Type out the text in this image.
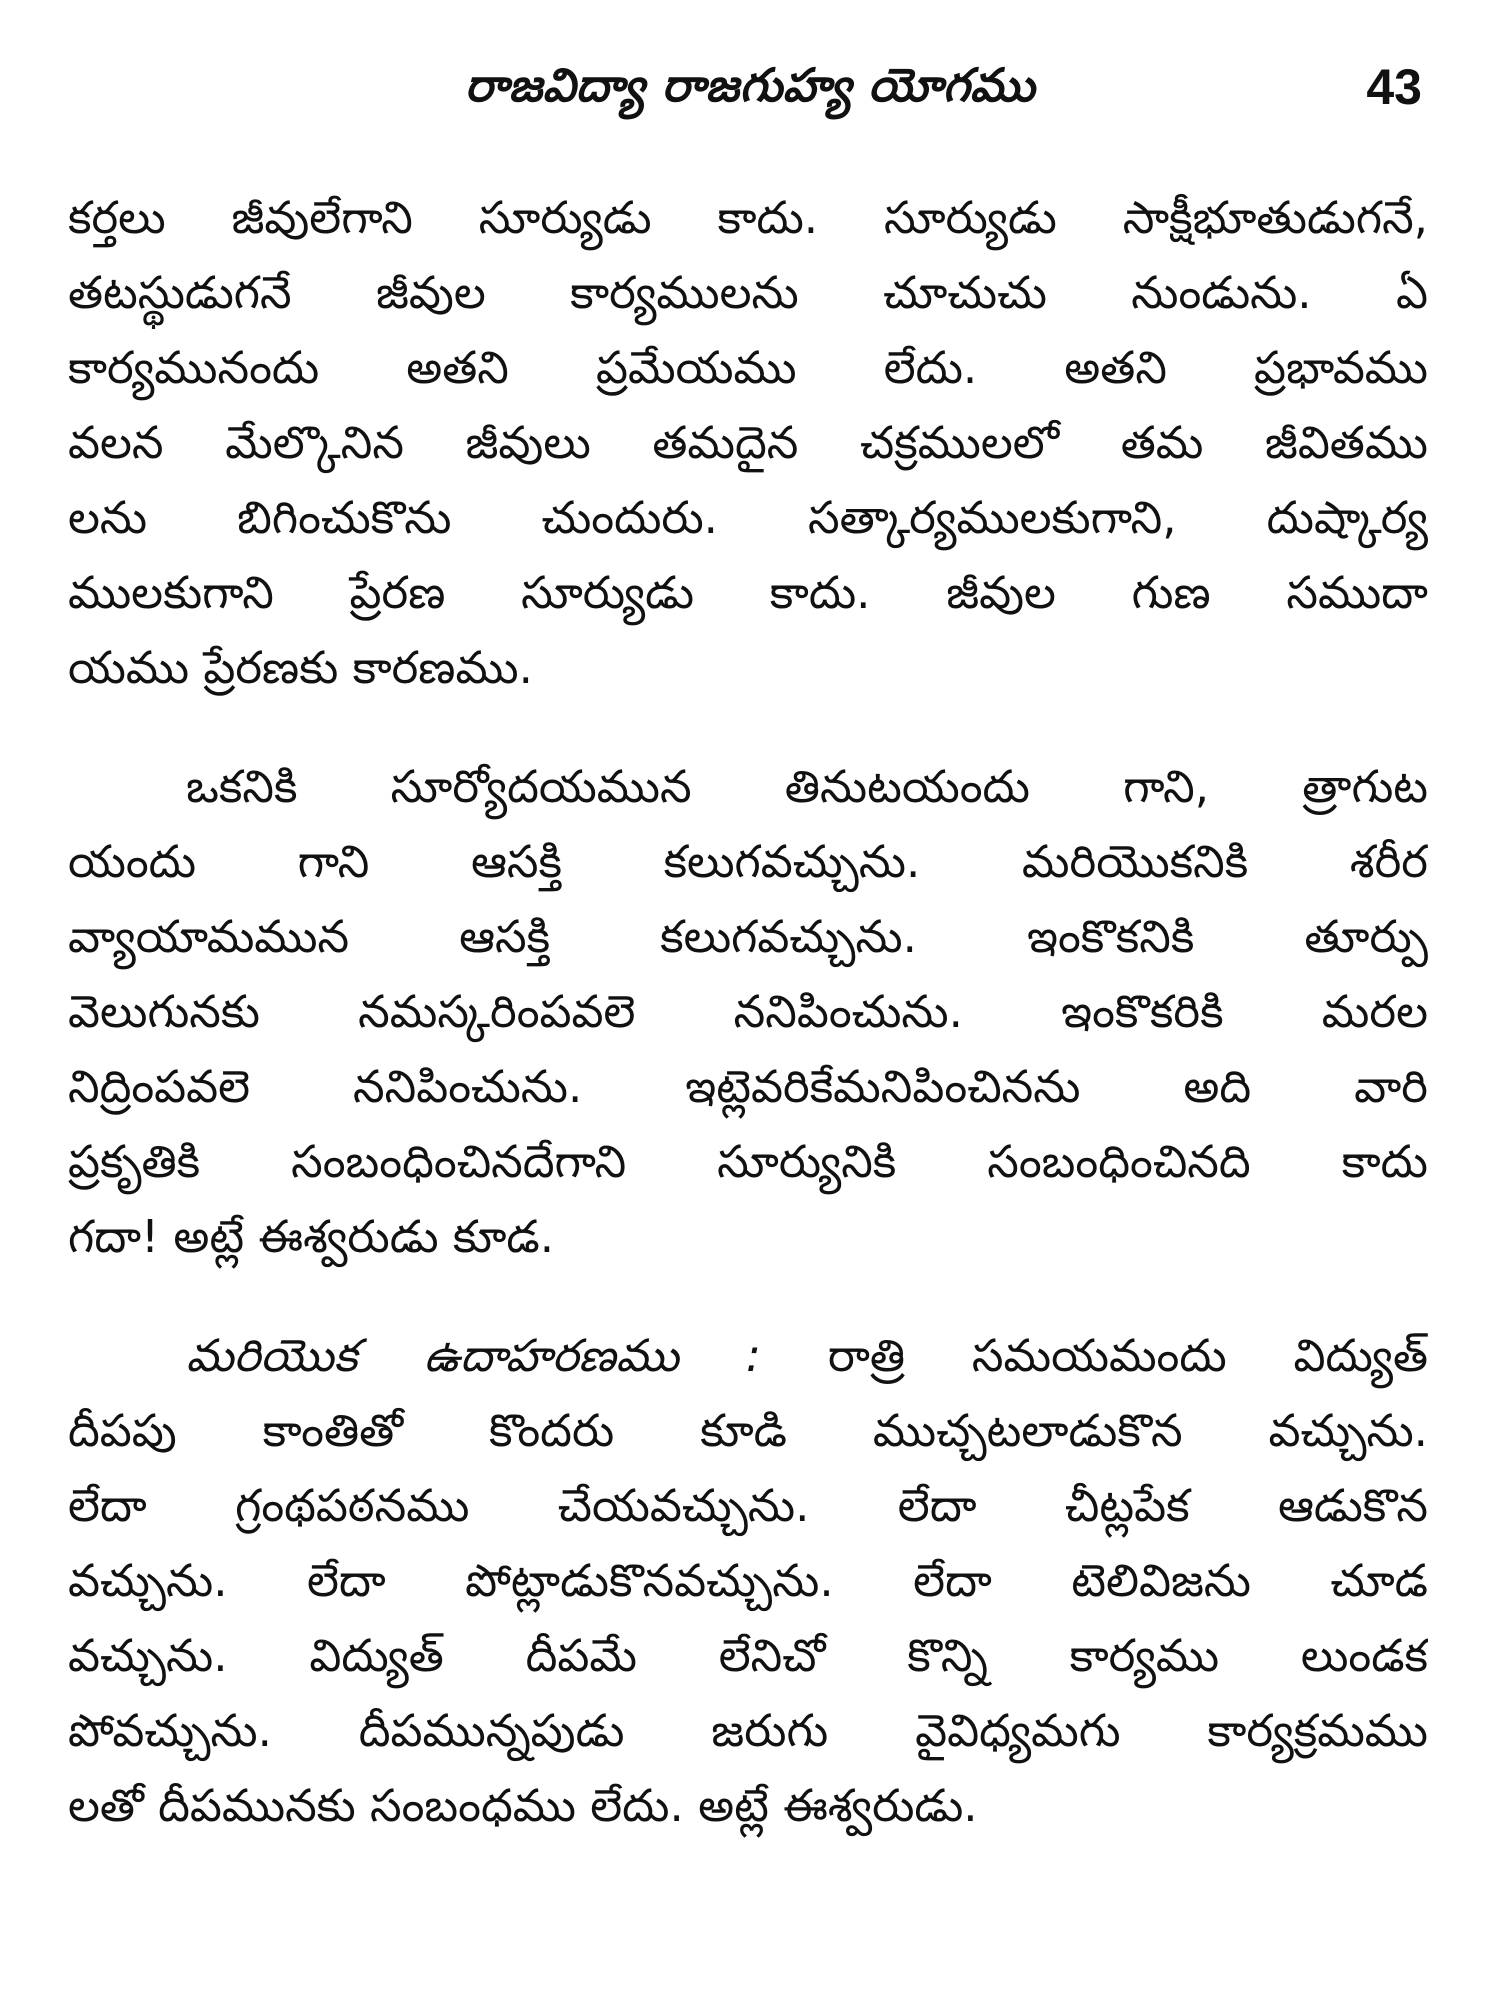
రాజవిద్యా రాజగుహ్య యోగము	43
కర్తలు జీవులేగాని సూర్యుడు కాదు. సూర్యుడు సాక్షీభూతుడుగనే,
తటస్థుడుగనే జీవుల కార్యములను చూచుచు నుండును. ఏ
కార్యమునందు అతని ప్రమేయము లేదు. అతని ప్రభావము
వలన మేల్కొనిన జీవులు తమదైన చక్రములలో తమ జీవితము
లను బిగించుకొను చుందురు. సత్కార్యములకుగాని, దుష్కార్య
ములకుగాని ప్రేరణ సూర్యుడు కాదు. జీవుల గుణ సముదా
యము ప్రేరణకు కారణము.
ఒకనికి సూర్యోదయమున తినుటయందు గాని, త్రాగుట
యందు గాని ఆసక్తి కలుగవచ్చును. మరియొకనికి శరీర
వ్యాయామమున ఆసక్తి కలుగవచ్చును. ఇంకొకనికి తూర్పు
వెలుగునకు నమస్కరింపవలె ననిపించును. ఇంకొకరికి మరల
నిద్రింపవలె ననిపించును. ఇట్లెవరికేమనిపించినను అది వారి
ప్రకృతికి సంబంధించినదేగాని సూర్యునికి సంబంధించినది కాదు
గదా! అట్లే ఈశ్వరుడు కూడ.
మరియొక ఉదాహరణము : రాత్రి సమయమందు విద్యుత్
దీపపు కాంతితో కొందరు కూడి ముచ్చటలాడుకొన వచ్చును.
లేదా గ్రంథపఠనము చేయవచ్చును. లేదా చీట్లపేక ఆడుకొన
వచ్చును. లేదా పోట్లాడుకొనవచ్చును. లేదా టెలివిజను చూడ
వచ్చును. విద్యుత్ దీపమే లేనిచో కొన్ని కార్యము లుండక
పోవచ్చును. దీపమున్నపుడు జరుగు వైవిధ్యమగు కార్యక్రమము
లతో దీపమునకు సంబంధము లేదు. అట్లే ఈశ్వరుడు.
